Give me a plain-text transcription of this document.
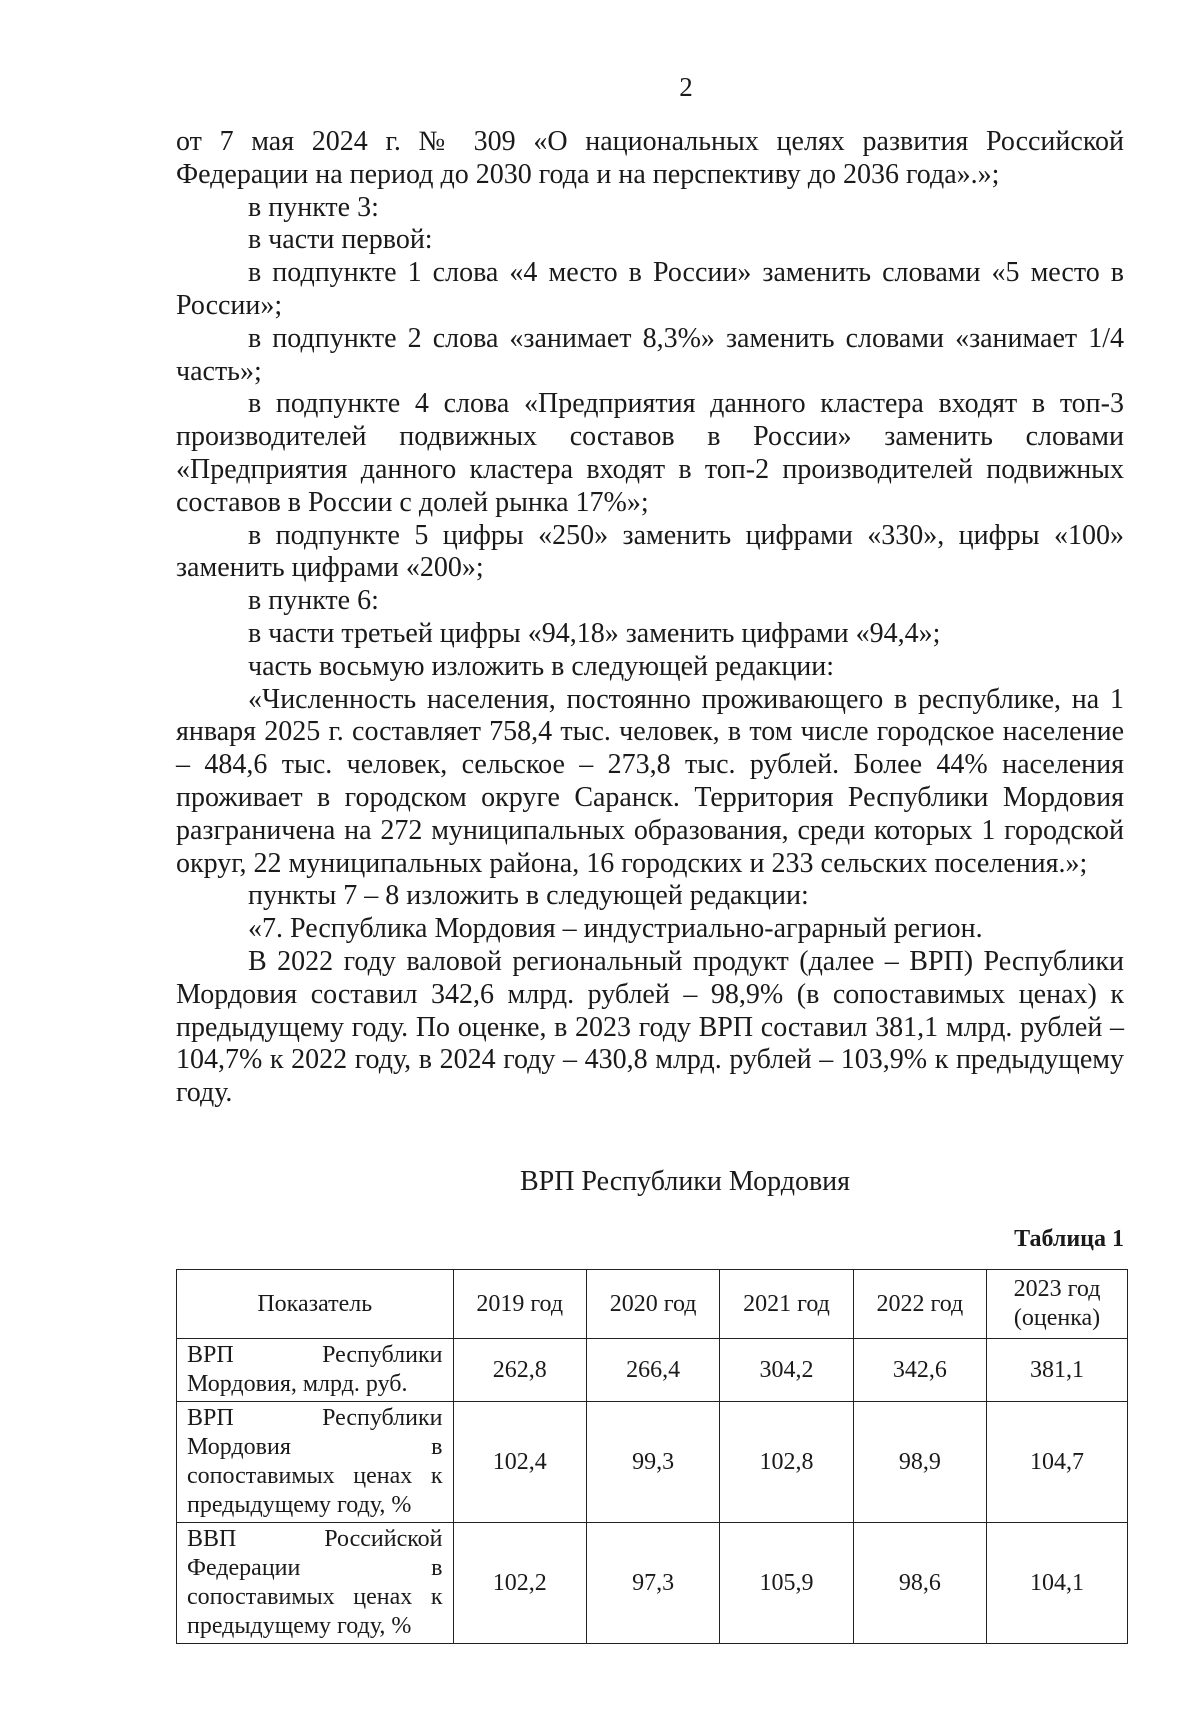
2

от 7 мая 2024 г. № 309 «О национальных целях развития Российской Федерации на период до 2030 года и на перспективу до 2036 года».»;

в пункте 3:

в части первой:

в подпункте 1 слова «4 место в России» заменить словами «5 место в России»;

в подпункте 2 слова «занимает 8,3%» заменить словами «занимает 1/4 часть»;

в подпункте 4 слова «Предприятия данного кластера входят в топ-3 производителей подвижных составов в России» заменить словами «Предприятия данного кластера входят в топ-2 производителей подвижных составов в России с долей рынка 17%»;

в подпункте 5 цифры «250» заменить цифрами «330», цифры «100» заменить цифрами «200»;

в пункте 6:

в части третьей цифры «94,18» заменить цифрами «94,4»;

часть восьмую изложить в следующей редакции:

«Численность населения, постоянно проживающего в республике, на 1 января 2025 г. составляет 758,4 тыс. человек, в том числе городское население – 484,6 тыс. человек, сельское – 273,8 тыс. рублей. Более 44% населения проживает в городском округе Саранск. Территория Республики Мордовия разграничена на 272 муниципальных образования, среди которых 1 городской округ, 22 муниципальных района, 16 городских и 233 сельских поселения.»;

пункты 7 – 8 изложить в следующей редакции:

«7. Республика Мордовия – индустриально-аграрный регион.

В 2022 году валовой региональный продукт (далее – ВРП) Республики Мордовия составил 342,6 млрд. рублей – 98,9% (в сопоставимых ценах) к предыдущему году. По оценке, в 2023 году ВРП составил 381,1 млрд. рублей – 104,7% к 2022 году, в 2024 году – 430,8 млрд. рублей – 103,9% к предыдущему году.

ВРП Республики Мордовия
Таблица 1
Показатель	2019 год	2020 год	2021 год	2022 год	2023 год (оценка)
ВРП Республики Мордовия, млрд. руб.	262,8	266,4	304,2	342,6	381,1
ВРП Республики Мордовия в сопоставимых ценах к предыдущему году, %	102,4	99,3	102,8	98,9	104,7
ВВП Российской Федерации в сопоставимых ценах к предыдущему году, %	102,2	97,3	105,9	98,6	104,1
